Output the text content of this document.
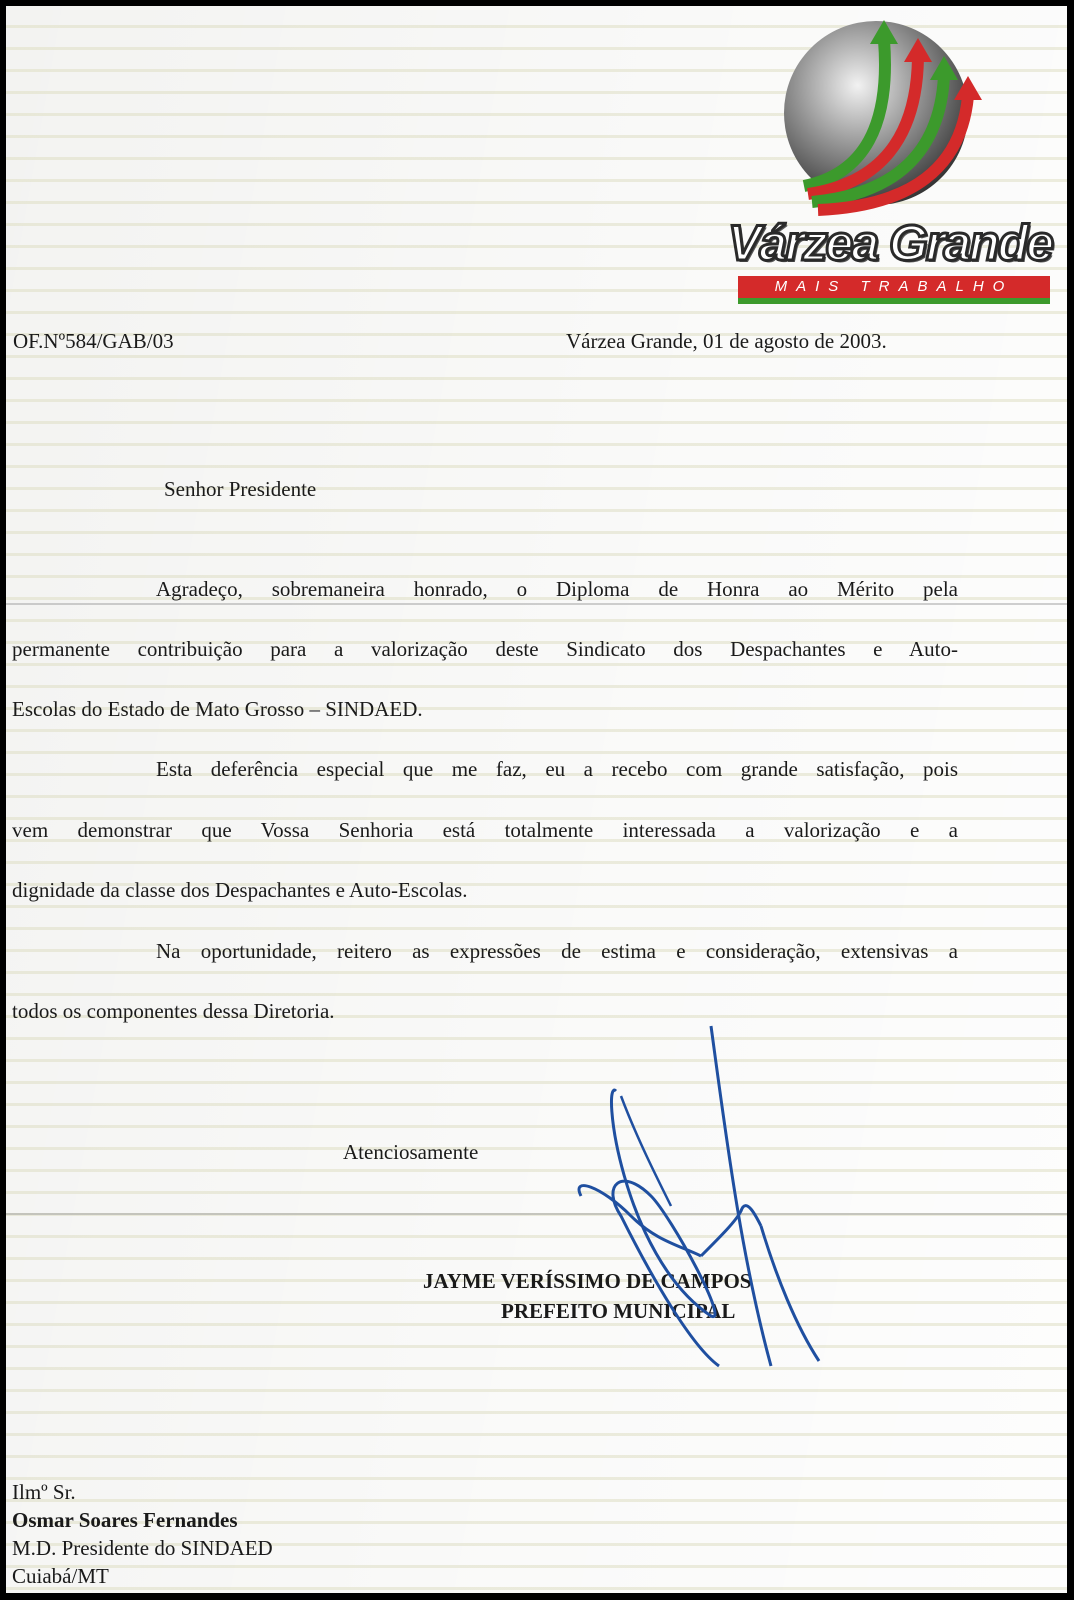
Várzea Grande
MAIS TRABALHO
OF.Nº584/GAB/03	Várzea Grande, 01 de agosto de 2003.
Senhor Presidente
Agradeço, sobremaneira honrado, o Diploma de Honra ao Mérito pela
permanente contribuição para a valorização deste Sindicato dos Despachantes e Auto-
Escolas do Estado de Mato Grosso – SINDAED.
Esta deferência especial que me faz, eu a recebo com grande satisfação, pois
vem demonstrar que Vossa Senhoria está totalmente interessada a valorização e a
dignidade da classe dos Despachantes e Auto-Escolas.
Na oportunidade, reitero as expressões de estima e consideração, extensivas a
todos os componentes dessa Diretoria.
Atenciosamente
JAYME VERÍSSIMO DE CAMPOS
PREFEITO MUNICIPAL
Ilmº Sr.
Osmar Soares Fernandes
M.D. Presidente do SINDAED
Cuiabá/MT
